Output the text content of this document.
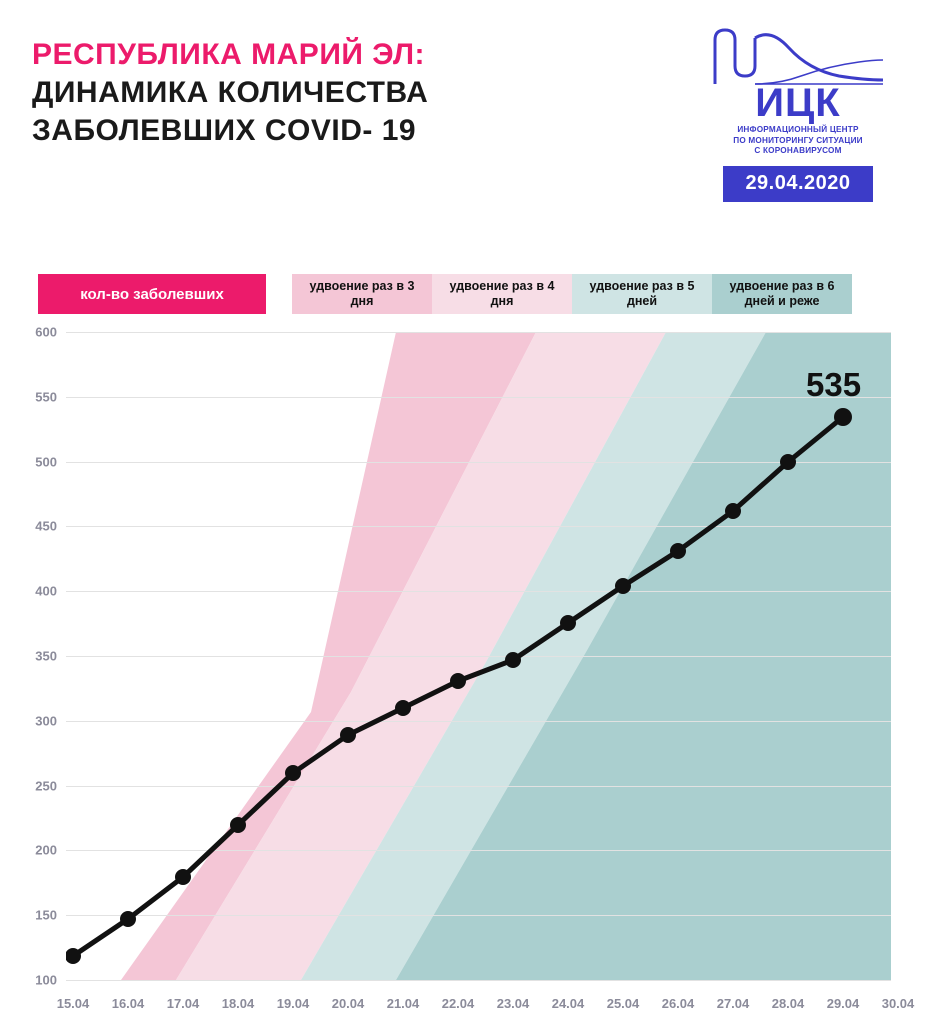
РЕСПУБЛИКА МАРИЙ ЭЛ:
ДИНАМИКА КОЛИЧЕСТВА
ЗАБОЛЕВШИХ COVID- 19
ИЦК
ИНФОРМАЦИОННЫЙ ЦЕНТР
ПО МОНИТОРИНГУ СИТУАЦИИ
С КОРОНАВИРУСОМ
29.04.2020
кол-во заболевших	удвоение раз в 3 дня
удвоение раз в 4 дня
удвоение раз в 5 дней
удвоение раз в 6 дней и реже
600
550
500
450
400
350
300
250
200
150
100
535
15.04 16.04 17.04 18.04 19.04 20.04 21.04 22.04 23.04 24.04 25.04 26.04 27.04 28.04 29.04 30.04
